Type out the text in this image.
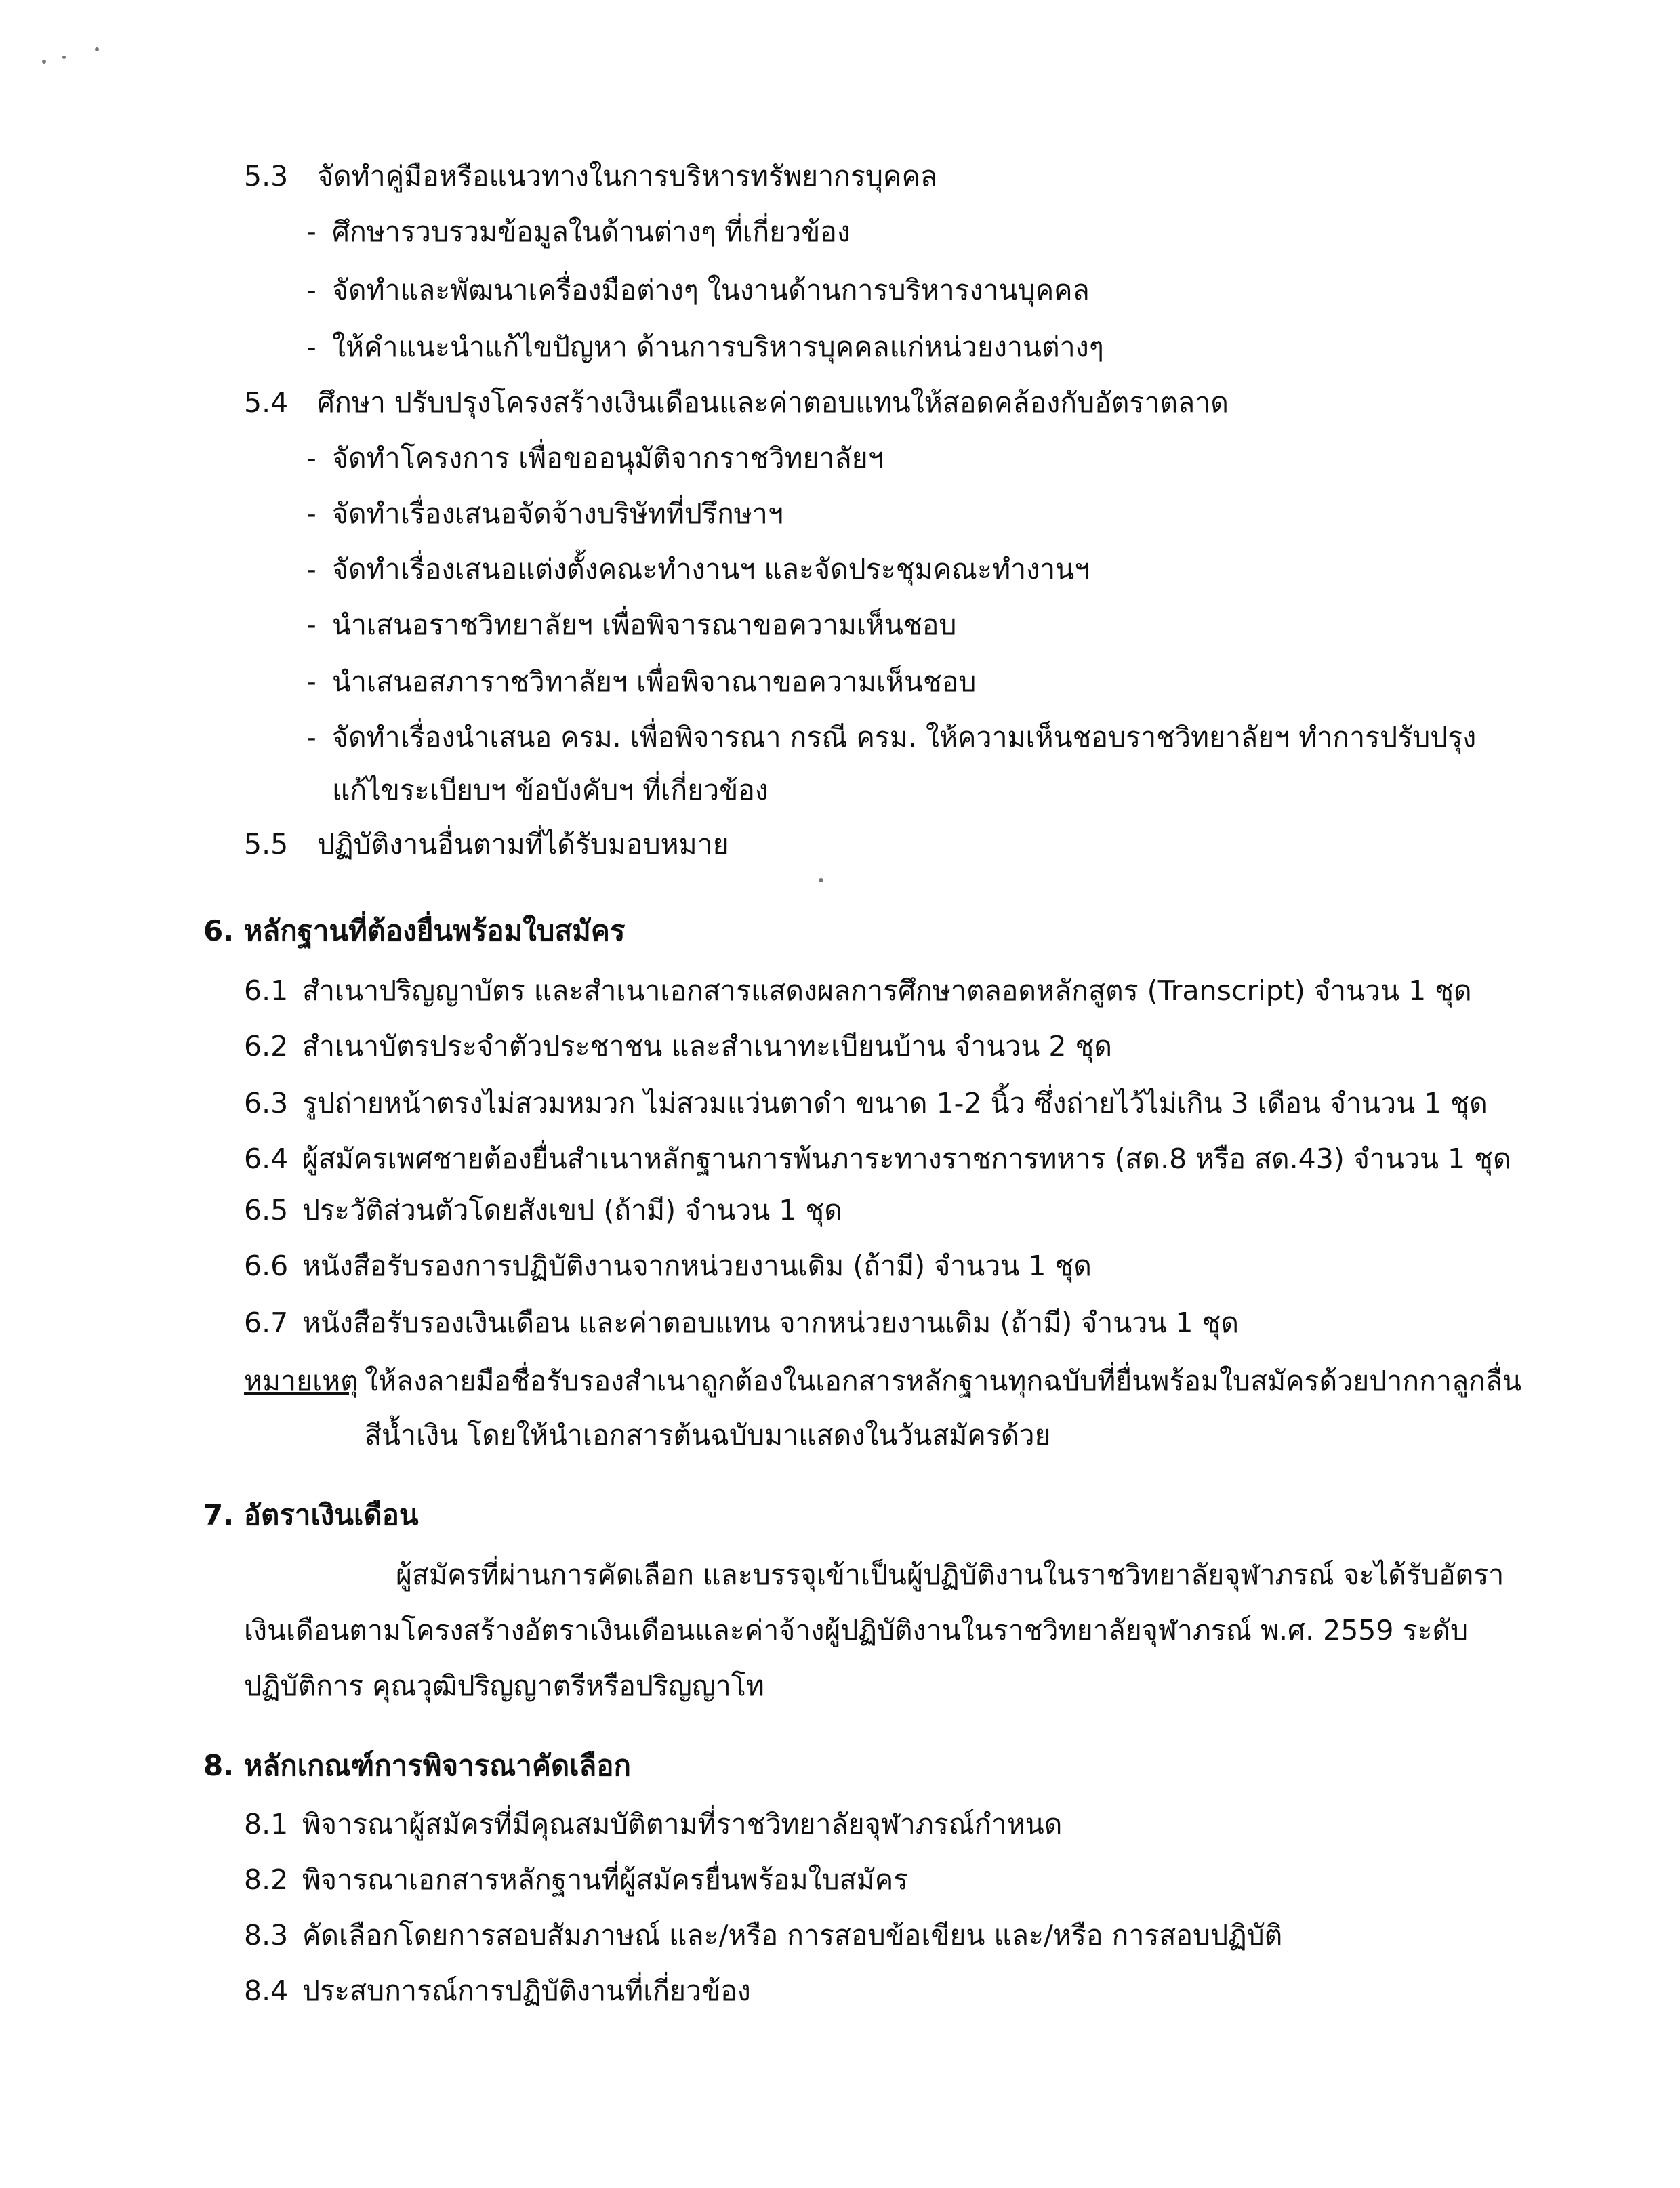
5.3 จัดทำคู่มือหรือแนวทางในการบริหารทรัพยากรบุคคล
- ศึกษารวบรวมข้อมูลในด้านต่างๆ ที่เกี่ยวข้อง
- จัดทำและพัฒนาเครื่องมือต่างๆ ในงานด้านการบริหารงานบุคคล
- ให้คำแนะนำแก้ไขปัญหา ด้านการบริหารบุคคลแก่หน่วยงานต่างๆ
5.4 ศึกษา ปรับปรุงโครงสร้างเงินเดือนและค่าตอบแทนให้สอดคล้องกับอัตราตลาด
- จัดทำโครงการ เพื่อขออนุมัติจากราชวิทยาลัยฯ
- จัดทำเรื่องเสนอจัดจ้างบริษัทที่ปรึกษาฯ
- จัดทำเรื่องเสนอแต่งตั้งคณะทำงานฯ และจัดประชุมคณะทำงานฯ
- นำเสนอราชวิทยาลัยฯ เพื่อพิจารณาขอความเห็นชอบ
- นำเสนอสภาราชวิทาลัยฯ เพื่อพิจาณาขอความเห็นชอบ
- จัดทำเรื่องนำเสนอ ครม. เพื่อพิจารณา กรณี ครม. ให้ความเห็นชอบราชวิทยาลัยฯ ทำการปรับปรุง
แก้ไขระเบียบฯ ข้อบังคับฯ ที่เกี่ยวข้อง
5.5 ปฏิบัติงานอื่นตามที่ได้รับมอบหมาย
6. หลักฐานที่ต้องยื่นพร้อมใบสมัคร
6.1 สำเนาปริญญาบัตร และสำเนาเอกสารแสดงผลการศึกษาตลอดหลักสูตร (Transcript) จำนวน 1 ชุด
6.2 สำเนาบัตรประจำตัวประชาชน และสำเนาทะเบียนบ้าน จำนวน 2 ชุด
6.3 รูปถ่ายหน้าตรงไม่สวมหมวก ไม่สวมแว่นตาดำ ขนาด 1-2 นิ้ว ซึ่งถ่ายไว้ไม่เกิน 3 เดือน จำนวน 1 ชุด
6.4 ผู้สมัครเพศชายต้องยื่นสำเนาหลักฐานการพ้นภาระทางราชการทหาร (สด.8 หรือ สด.43) จำนวน 1 ชุด
6.5 ประวัติส่วนตัวโดยสังเขป (ถ้ามี) จำนวน 1 ชุด
6.6 หนังสือรับรองการปฏิบัติงานจากหน่วยงานเดิม (ถ้ามี) จำนวน 1 ชุด
6.7 หนังสือรับรองเงินเดือน และค่าตอบแทน จากหน่วยงานเดิม (ถ้ามี) จำนวน 1 ชุด
หมายเหตุ ให้ลงลายมือชื่อรับรองสำเนาถูกต้องในเอกสารหลักฐานทุกฉบับที่ยื่นพร้อมใบสมัครด้วยปากกาลูกลื่น
สีน้ำเงิน โดยให้นำเอกสารต้นฉบับมาแสดงในวันสมัครด้วย
7. อัตราเงินเดือน
ผู้สมัครที่ผ่านการคัดเลือก และบรรจุเข้าเป็นผู้ปฏิบัติงานในราชวิทยาลัยจุฬาภรณ์ จะได้รับอัตรา
เงินเดือนตามโครงสร้างอัตราเงินเดือนและค่าจ้างผู้ปฏิบัติงานในราชวิทยาลัยจุฬาภรณ์ พ.ศ. 2559 ระดับ
ปฏิบัติการ คุณวุฒิปริญญาตรีหรือปริญญาโท
8. หลักเกณฑ์การพิจารณาคัดเลือก
8.1 พิจารณาผู้สมัครที่มีคุณสมบัติตามที่ราชวิทยาลัยจุฬาภรณ์กำหนด
8.2 พิจารณาเอกสารหลักฐานที่ผู้สมัครยื่นพร้อมใบสมัคร
8.3 คัดเลือกโดยการสอบสัมภาษณ์ และ/หรือ การสอบข้อเขียน และ/หรือ การสอบปฏิบัติ
8.4 ประสบการณ์การปฏิบัติงานที่เกี่ยวข้อง
